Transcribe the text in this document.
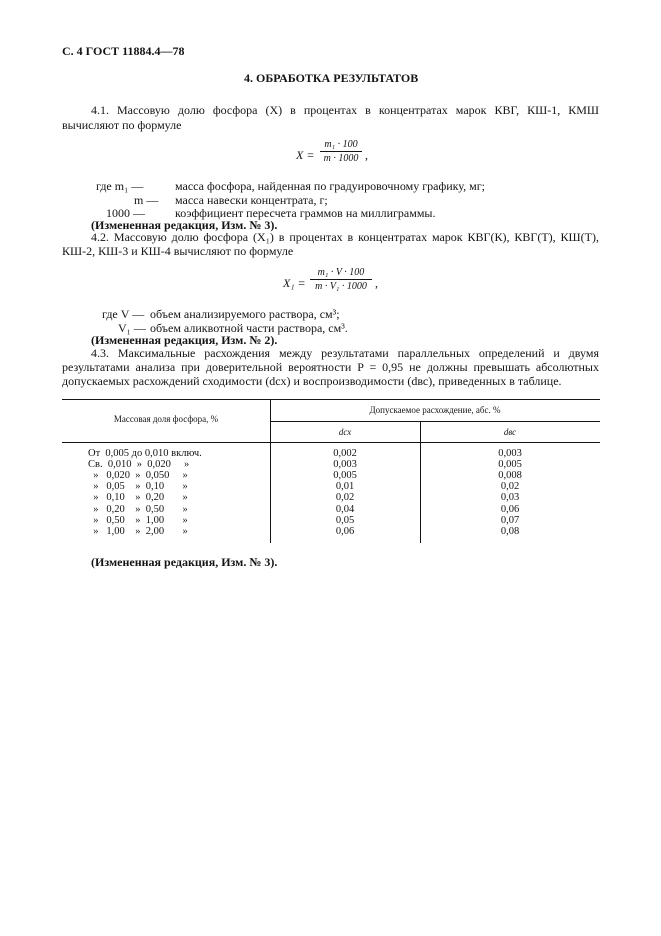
С. 4 ГОСТ 11884.4—78
4. ОБРАБОТКА РЕЗУЛЬТАТОВ
4.1. Массовую долю фосфора (X) в процентах в концентратах марок КВГ, КШ-1, КМШ
вычисляют по формуле
X =
m₁ · 100
m · 1000 ,
где m₁ —	масса фосфора, найденная по градуировочному графику, мг;
m — масса навески концентрата, г;
1000 —	коэффициент пересчета граммов на миллиграммы.
(Измененная редакция, Изм. № 3).
4.2. Массовую долю фосфора (X₁) в процентах в концентратах марок КВГ(К), КВГ(Т), КШ(Т),
КШ-2, КШ-3 и КШ-4 вычисляют по формуле
X₁ =
m₁ · V · 100
m · V₁ · 1000 ,
где V — объем анализируемого раствора, см³;
V₁ — объем аликвотной части раствора, см³.
(Измененная редакция, Изм. № 2).
4.3. Максимальные расхождения между результатами параллельных определений и двумя
результатами анализа при доверительной вероятности P = 0,95 не должны превышать абсолютных
допускаемых расхождений сходимости (dсх) и воспроизводимости (dвс), приведенных в таблице.
Массовая доля фосфора, %
Допускаемое расхождение, абс. %
dсх	dвс
От  0,005 до 0,010 включ.	0,002	0,003
Св.  0,010  »  0,020     »	0,003	0,005
»   0,020  »  0,050     »	0,005	0,008
»   0,05    »  0,10       »	0,01	0,02
»   0,10    »  0,20       »	0,02	0,03
»   0,20    »  0,50       »	0,04	0,06
»   0,50    »  1,00       »	0,05	0,07
»   1,00    »  2,00       »	0,06	0,08
(Измененная редакция, Изм. № 3).
